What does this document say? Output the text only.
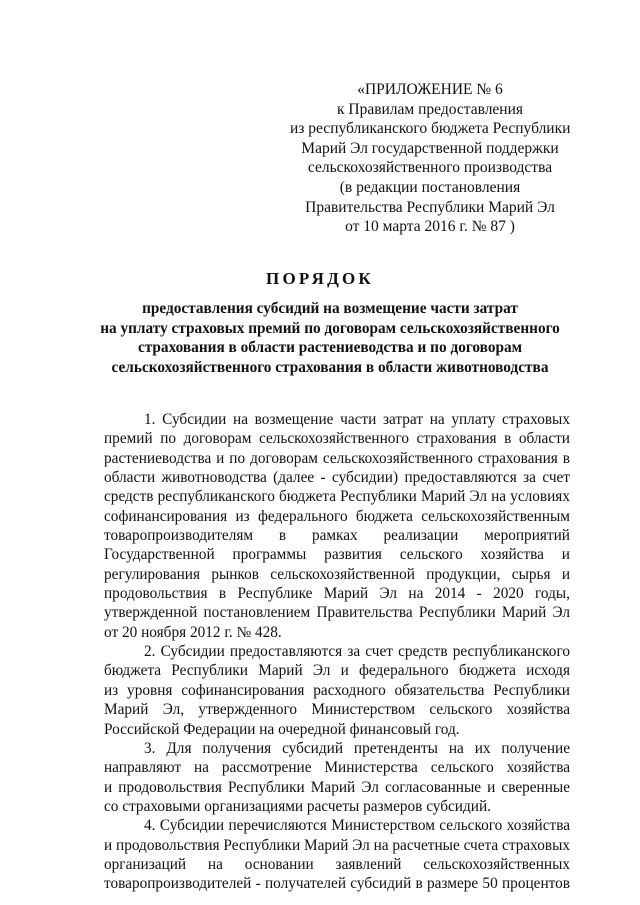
«ПРИЛОЖЕНИЕ № 6
к Правилам предоставления
из республиканского бюджета Республики
Марий Эл государственной поддержки
сельскохозяйственного производства
(в редакции постановления
Правительства Республики Марий Эл
от 10 марта 2016 г. № 87 )
ПОРЯДОК
предоставления субсидий на возмещение части затрат
на уплату страховых премий по договорам сельскохозяйственного
страхования в области растениеводства и по договорам
сельскохозяйственного страхования в области животноводства
1. Субсидии на возмещение части затрат на уплату страховых
премий по договорам сельскохозяйственного страхования в области
растениеводства и по договорам сельскохозяйственного страхования в
области животноводства (далее - субсидии) предоставляются за счет
средств республиканского бюджета Республики Марий Эл на условиях
софинансирования из федерального бюджета сельскохозяйственным
товаропроизводителям в рамках реализации мероприятий
Государственной программы развития сельского хозяйства и
регулирования рынков сельскохозяйственной продукции, сырья и
продовольствия в Республике Марий Эл на 2014 - 2020 годы,
утвержденной постановлением Правительства Республики Марий Эл
от 20 ноября 2012 г. № 428.
2. Субсидии предоставляются за счет средств республиканского
бюджета Республики Марий Эл и федерального бюджета исходя
из уровня софинансирования расходного обязательства Республики
Марий Эл, утвержденного Министерством сельского хозяйства
Российской Федерации на очередной финансовый год.
3. Для получения субсидий претенденты на их получение
направляют на рассмотрение Министерства сельского хозяйства
и продовольствия Республики Марий Эл согласованные и сверенные
со страховыми организациями расчеты размеров субсидий.
4. Субсидии перечисляются Министерством сельского хозяйства
и продовольствия Республики Марий Эл на расчетные счета страховых
организаций на основании заявлений сельскохозяйственных
товаропроизводителей - получателей субсидий в размере 50 процентов
